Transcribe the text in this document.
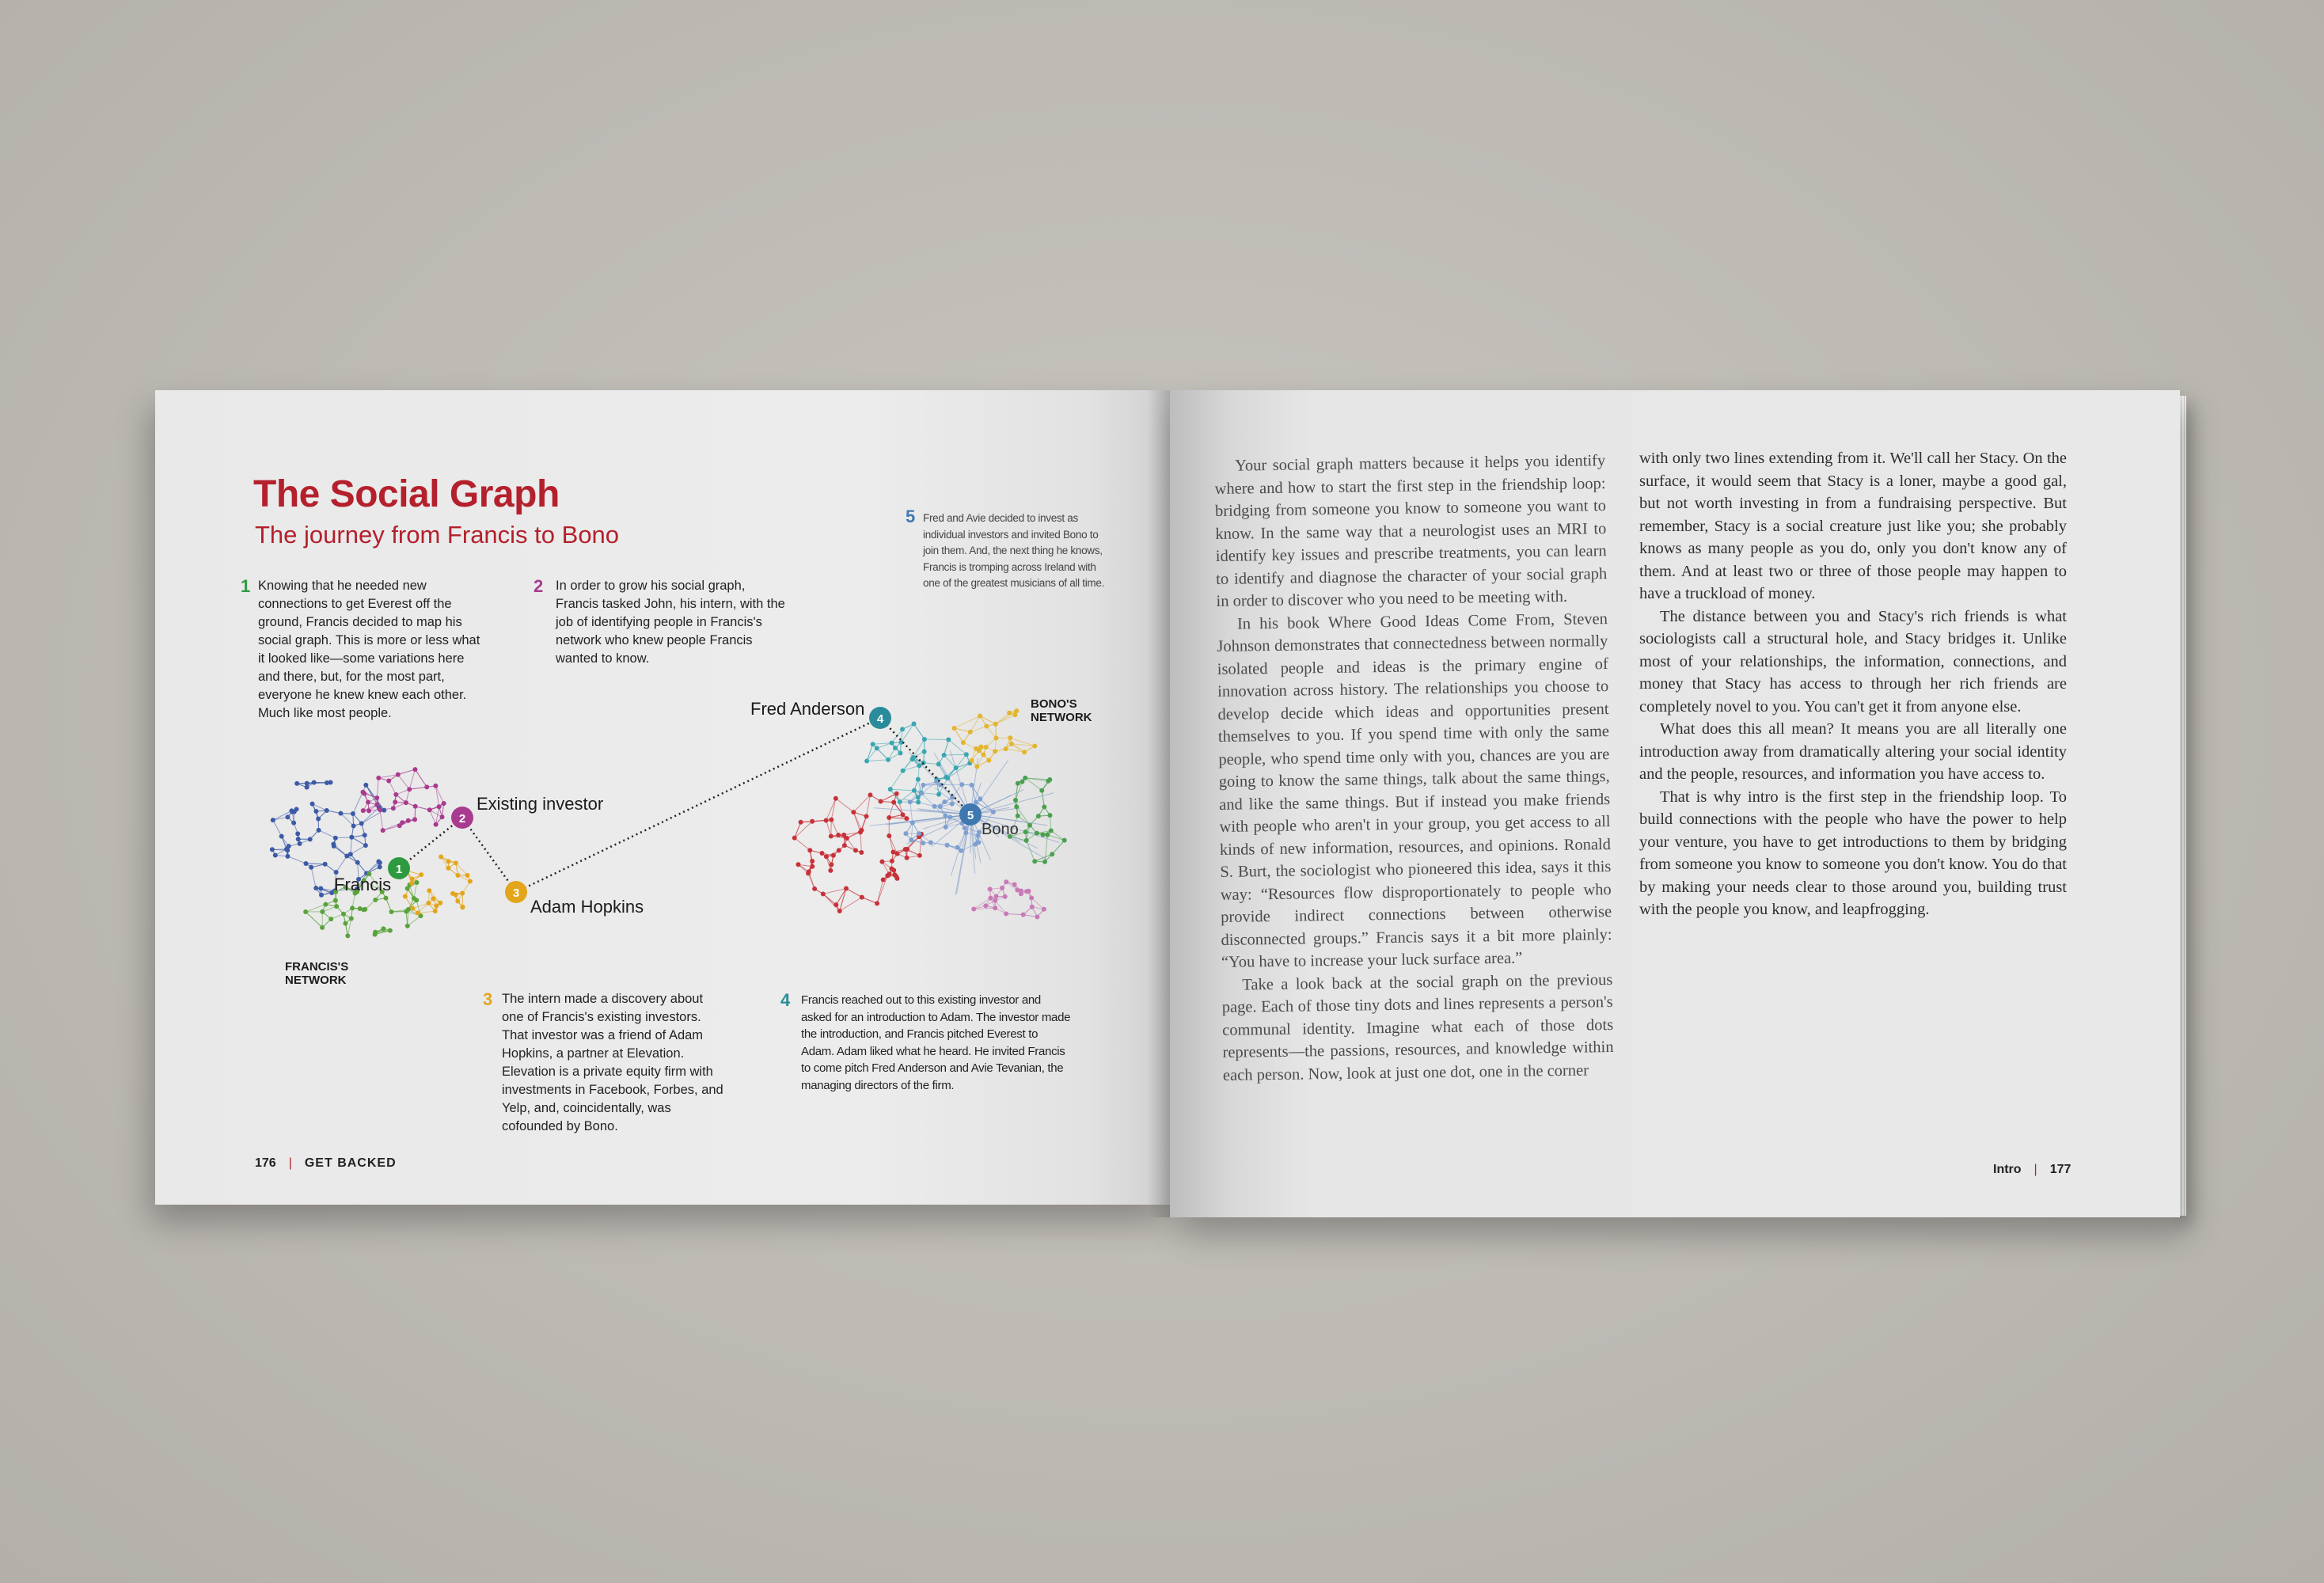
The Social Graph
The journey from Francis to Bono
1 Knowing that he needed new connections to get Everest off the ground, Francis decided to map his social graph. This is more or less what it looked like—some variations here and there, but, for the most part, everyone he knew knew each other. Much like most people.
2 In order to grow his social graph, Francis tasked John, his intern, with the job of identifying people in Francis's network who knew people Francis wanted to know.
5 Fred and Avie decided to invest as individual investors and invited Bono to join them. And, the next thing he knows, Francis is tromping across Ireland with one of the greatest musicians of all time.
3 The intern made a discovery about one of Francis's existing investors. That investor was a friend of Adam Hopkins, a partner at Elevation. Elevation is a private equity firm with investments in Facebook, Forbes, and Yelp, and, coincidentally, was cofounded by Bono.
4 Francis reached out to this existing investor and asked for an introduction to Adam. The investor made the introduction, and Francis pitched Everest to Adam. Adam liked what he heard. He invited Francis to come pitch Fred Anderson and Avie Tevanian, the managing directors of the firm.
1
2
3
4
5
Existing investor
Francis
Adam Hopkins
Fred Anderson
Bono
FRANCIS'S
NETWORK
BONO'S
NETWORK
176 | GET BACKED

Your social graph matters because it helps you identify where and how to start the first step in the friendship loop: bridging from someone you know to someone you want to know. In the same way that a neurologist uses an MRI to identify key issues and prescribe treatments, you can learn to identify and diagnose the character of your social graph in order to discover who you need to be meeting with.

In his book Where Good Ideas Come From, Steven Johnson demonstrates that connectedness between normally isolated people and ideas is the primary engine of innovation across history. The relationships you choose to develop decide which ideas and opportunities present themselves to you. If you spend time with only the same people, who spend time only with you, chances are you are going to know the same things, talk about the same things, and like the same things. But if instead you make friends with people who aren't in your group, you get access to all kinds of new information, resources, and opinions. Ronald S. Burt, the sociologist who pioneered this idea, says it this way: “Resources flow disproportionately to people who provide indirect connections between otherwise disconnected groups.” Francis says it a bit more plainly: “You have to increase your luck surface area.”

Take a look back at the social graph on the previous page. Each of those tiny dots and lines represents a person's communal identity. Imagine what each of those dots represents—the passions, resources, and knowledge within each person. Now, look at just one dot, one in the corner

with only two lines extending from it. We'll call her Stacy. On the surface, it would seem that Stacy is a loner, maybe a good gal, but not worth investing in from a fundraising perspective. But remember, Stacy is a social creature just like you; she probably knows as many people as you do, only you don't know any of them. And at least two or three of those people may happen to have a truckload of money.

The distance between you and Stacy's rich friends is what sociologists call a structural hole, and Stacy bridges it. Unlike most of your relationships, the information, connections, and money that Stacy has access to through her rich friends are completely novel to you. You can't get it from anyone else.

What does this all mean? It means you are all literally one introduction away from dramatically altering your social identity and the people, resources, and information you have access to.

That is why intro is the first step in the friendship loop. To build connections with the people who have the power to help your venture, you have to get introductions to them by bridging from someone you know to someone you don't know. You do that by making your needs clear to those around you, building trust with the people you know, and leapfrogging.

Intro | 177
